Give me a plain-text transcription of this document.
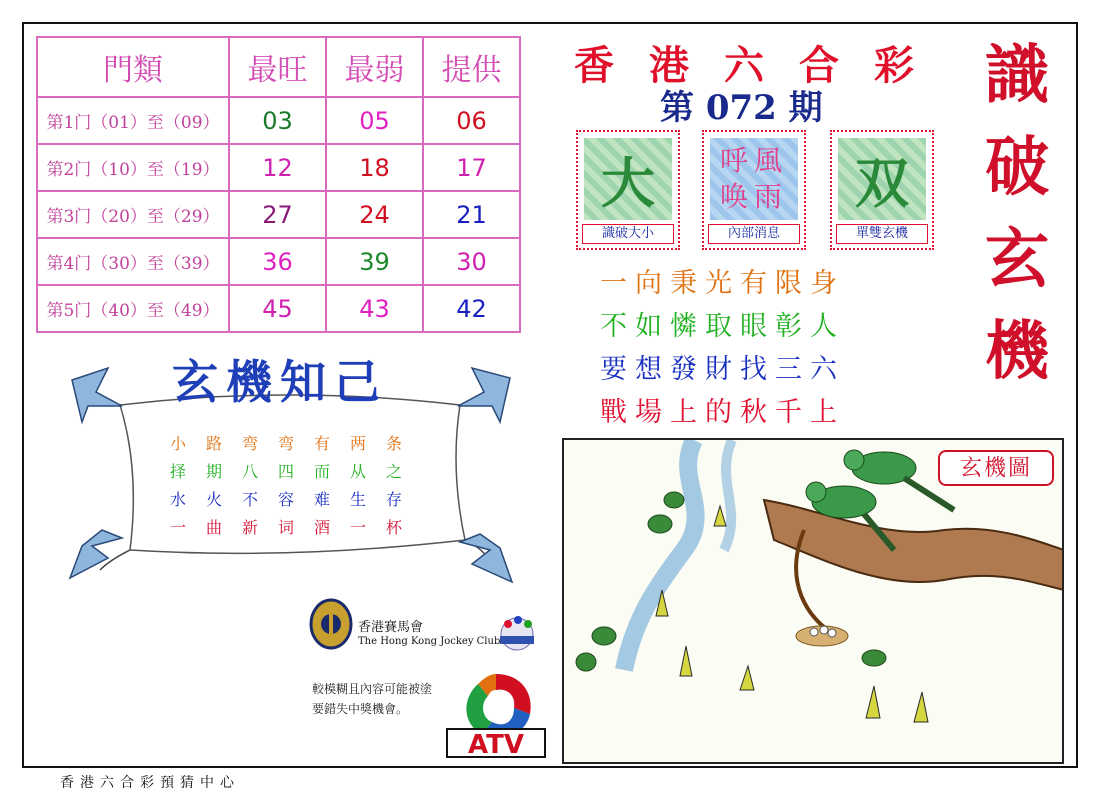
門類	最旺	最弱	提供
第1门（01）至（09）	03	05	06
第2门（10）至（19）	12	18	17
第3门（20）至（29）	27	24	21
第4门（30）至（39）	36	39	30
第5门（40）至（49）	45	43	42
香港六合彩
第 072 期	識
破
玄
機
大
識破大小
呼風
唤雨
內部消息
双
單雙玄機
一向秉光有限身
不如憐取眼彰人
要想發財找三六
戰場上的秋千上
玄機知己
小路弯弯有两条
择期八四而从之
水火不容难生存
一曲新词酒一杯
香港賽馬會
The Hong Kong Jockey Club
較模糊且內容可能被塗
要錯失中獎機會。
ATV
玄機圖
香港六合彩預猜中心
